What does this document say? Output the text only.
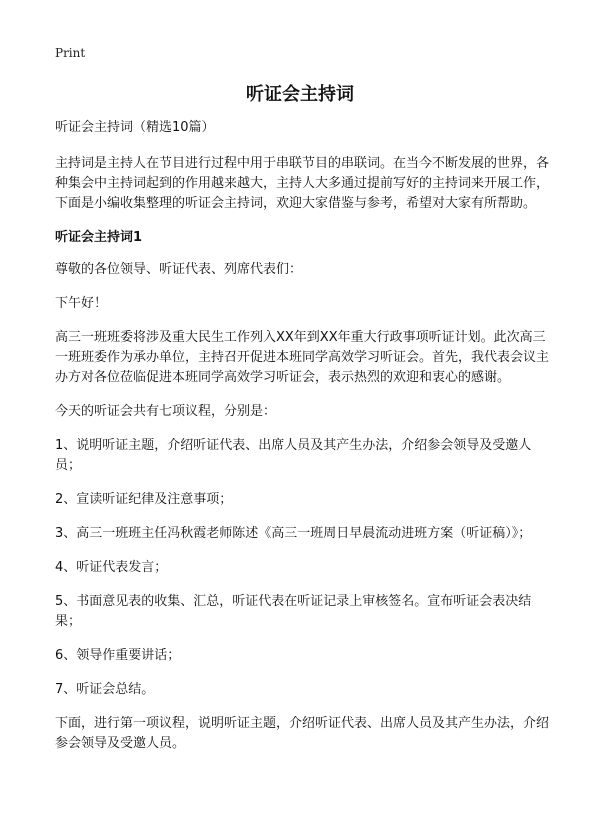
Print
听证会主持词

听证会主持词（精选10篇）

主持词是主持人在节目进行过程中用于串联节目的串联词。在当今不断发展的世界，各种集会中主持词起到的作用越来越大，主持人大多通过提前写好的主持词来开展工作，下面是小编收集整理的听证会主持词，欢迎大家借鉴与参考，希望对大家有所帮助。

听证会主持词1

尊敬的各位领导、听证代表、列席代表们：

下午好！

高三一班班委将涉及重大民生工作列入XX年到XX年重大行政事项听证计划。此次高三一班班委作为承办单位，主持召开促进本班同学高效学习听证会。首先，我代表会议主办方对各位莅临促进本班同学高效学习听证会，表示热烈的欢迎和衷心的感谢。

今天的听证会共有七项议程，分别是：

1、说明听证主题，介绍听证代表、出席人员及其产生办法，介绍参会领导及受邀人员；

2、宣读听证纪律及注意事项；

3、高三一班班主任冯秋霞老师陈述《高三一班周日早晨流动进班方案（听证稿）》；

4、听证代表发言；

5、书面意见表的收集、汇总，听证代表在听证记录上审核签名。宣布听证会表决结果；

6、领导作重要讲话；

7、听证会总结。

下面，进行第一项议程，说明听证主题，介绍听证代表、出席人员及其产生办法，介绍参会领导及受邀人员。
